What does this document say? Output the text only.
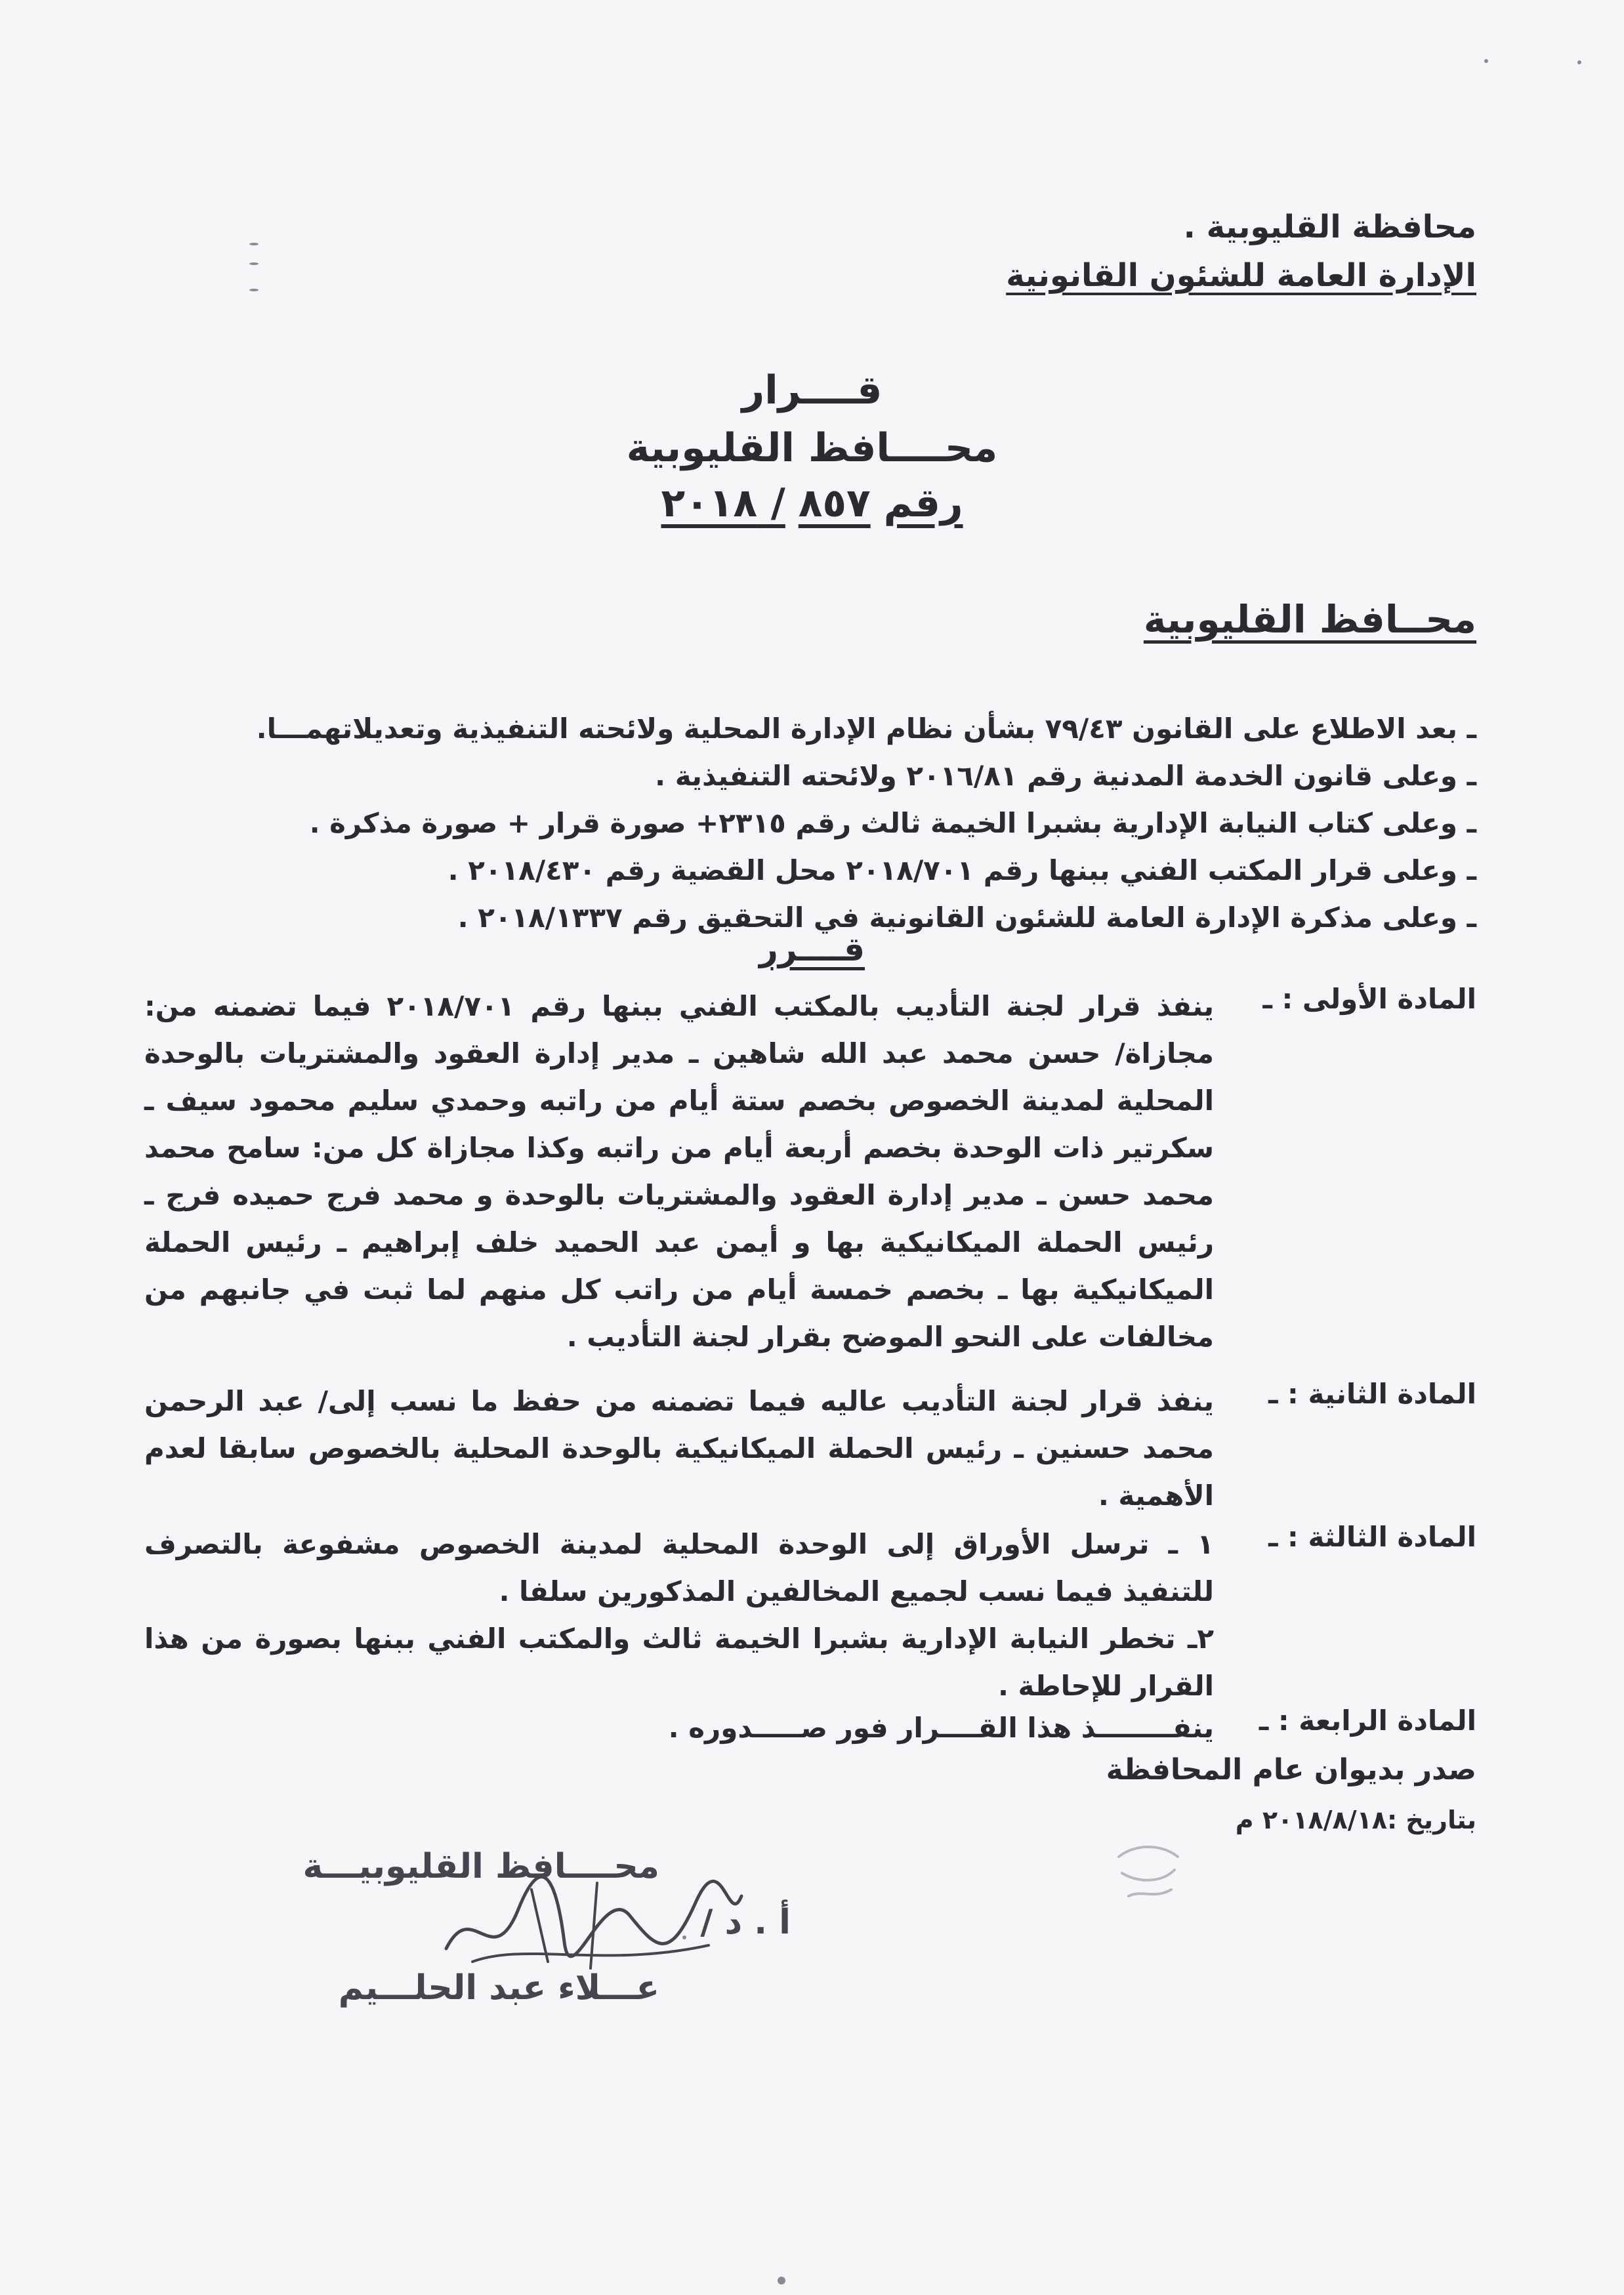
محافظة القليوبية .
الإدارة العامة للشئون القانونية
قــــرار
محــــافظ القليوبية
رقم٨٥٧/ ٢٠١٨
محــافظ القليوبية
ـ بعد الاطلاع على القانون ٧٩/٤٣ بشأن نظام الإدارة المحلية ولائحته التنفيذية وتعديلاتهمـــا.
ـ وعلى قانون الخدمة المدنية رقم ٢٠١٦/٨١ ولائحته التنفيذية .
ـ وعلى كتاب النيابة الإدارية بشبرا الخيمة ثالث رقم ٢٣١٥+ صورة قرار + صورة مذكرة .
ـ وعلى قرار المكتب الفني ببنها رقم ٢٠١٨/٧٠١ محل القضية رقم ٢٠١٨/٤٣٠ .
ـ وعلى مذكرة الإدارة العامة للشئون القانونية في التحقيق رقم ٢٠١٨/١٣٣٧ .
قــــرر
المادة الأولى : ـ
ينفذ قرار لجنة التأديب بالمكتب الفني ببنها رقم ٢٠١٨/٧٠١ فيما تضمنه من: مجازاة/ حسن محمد عبد الله شاهين ـ مدير إدارة العقود والمشتريات بالوحدة المحلية لمدينة الخصوص بخصم ستة أيام من راتبه وحمدي سليم محمود سيف ـ سكرتير ذات الوحدة بخصم أربعة أيام من راتبه وكذا مجازاة كل من: سامح محمد محمد حسن ـ مدير إدارة العقود والمشتريات بالوحدة و محمد فرج حميده فرج ـ رئيس الحملة الميكانيكية بها و أيمن عبد الحميد خلف إبراهيم ـ رئيس الحملة الميكانيكية بها ـ بخصم خمسة أيام من راتب كل منهم لما ثبت في جانبهم من مخالفات على النحو الموضح بقرار لجنة التأديب .
المادة الثانية : ـ
ينفذ قرار لجنة التأديب عاليه فيما تضمنه من حفظ ما نسب إلى/ عبد الرحمن محمد حسنين ـ رئيس الحملة الميكانيكية بالوحدة المحلية بالخصوص سابقا لعدم الأهمية .
المادة الثالثة : ـ
١ ـ ترسل الأوراق إلى الوحدة المحلية لمدينة الخصوص مشفوعة بالتصرف للتنفيذ فيما نسب لجميع المخالفين المذكورين سلفا .
٢ـ تخطر النيابة الإدارية بشبرا الخيمة ثالث والمكتب الفني ببنها بصورة من هذا القرار للإحاطة .
المادة الرابعة : ـ
ينفــــــــذ هذا القــــرار فور صـــــدوره .
صدر بديوان عام المحافظة
بتاريخ :٢٠١٨/٨/١٨ م
محــــافظ القليوبيـــة
أ . د /
عـــلاء عبد الحلـــيم
